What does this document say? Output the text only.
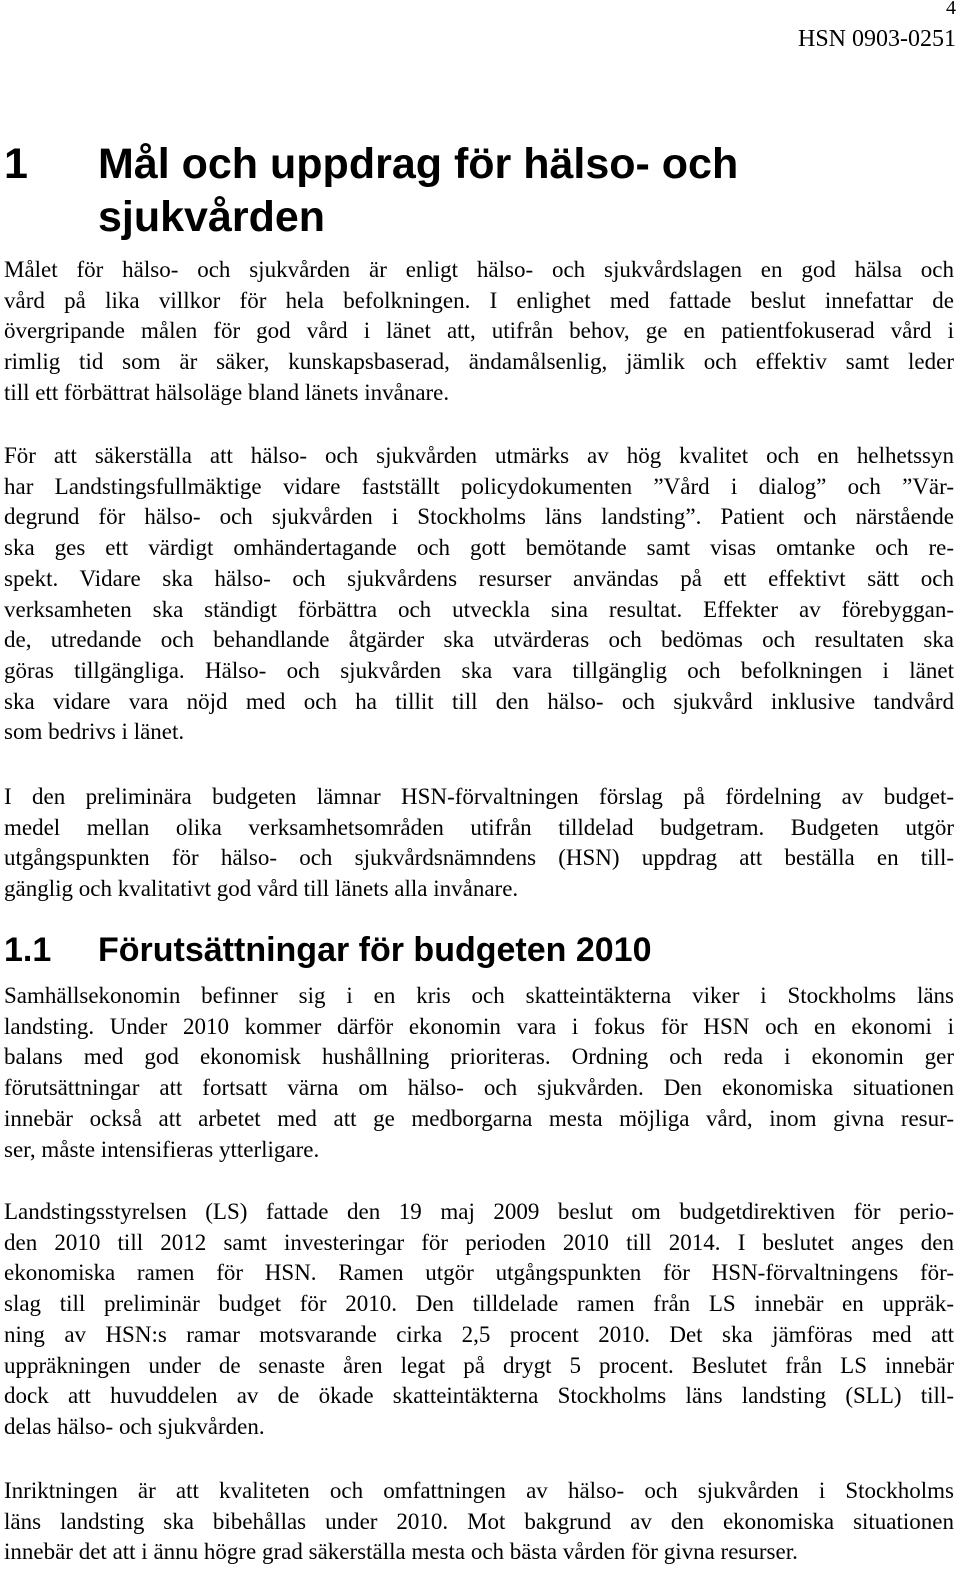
4
HSN 0903-0251
1 Mål och uppdrag för hälso- och sjukvården
Målet för hälso- och sjukvården är enligt hälso- och sjukvårdslagen en god hälsa och
vård på lika villkor för hela befolkningen. I enlighet med fattade beslut innefattar de
övergripande målen för god vård i länet att, utifrån behov, ge en patientfokuserad vård i
rimlig tid som är säker, kunskapsbaserad, ändamålsenlig, jämlik och effektiv samt leder
till ett förbättrat hälsoläge bland länets invånare.
För att säkerställa att hälso- och sjukvården utmärks av hög kvalitet och en helhetssyn
har Landstingsfullmäktige vidare fastställt policydokumenten ”Vård i dialog” och ”Vär-
degrund för hälso- och sjukvården i Stockholms läns landsting”. Patient och närstående
ska ges ett värdigt omhändertagande och gott bemötande samt visas omtanke och re-
spekt. Vidare ska hälso- och sjukvårdens resurser användas på ett effektivt sätt och
verksamheten ska ständigt förbättra och utveckla sina resultat. Effekter av förebyggan-
de, utredande och behandlande åtgärder ska utvärderas och bedömas och resultaten ska
göras tillgängliga. Hälso- och sjukvården ska vara tillgänglig och befolkningen i länet
ska vidare vara nöjd med och ha tillit till den hälso- och sjukvård inklusive tandvård
som bedrivs i länet.
I den preliminära budgeten lämnar HSN-förvaltningen förslag på fördelning av budget-
medel mellan olika verksamhetsområden utifrån tilldelad budgetram. Budgeten utgör
utgångspunkten för hälso- och sjukvårdsnämndens (HSN) uppdrag att beställa en till-
gänglig och kvalitativt god vård till länets alla invånare.
1.1 Förutsättningar för budgeten 2010
Samhällsekonomin befinner sig i en kris och skatteintäkterna viker i Stockholms läns
landsting. Under 2010 kommer därför ekonomin vara i fokus för HSN och en ekonomi i
balans med god ekonomisk hushållning prioriteras. Ordning och reda i ekonomin ger
förutsättningar att fortsatt värna om hälso- och sjukvården. Den ekonomiska situationen
innebär också att arbetet med att ge medborgarna mesta möjliga vård, inom givna resur-
ser, måste intensifieras ytterligare.
Landstingsstyrelsen (LS) fattade den 19 maj 2009 beslut om budgetdirektiven för perio-
den 2010 till 2012 samt investeringar för perioden 2010 till 2014. I beslutet anges den
ekonomiska ramen för HSN. Ramen utgör utgångspunkten för HSN-förvaltningens för-
slag till preliminär budget för 2010. Den tilldelade ramen från LS innebär en uppräk-
ning av HSN:s ramar motsvarande cirka 2,5 procent 2010. Det ska jämföras med att
uppräkningen under de senaste åren legat på drygt 5 procent. Beslutet från LS innebär
dock att huvuddelen av de ökade skatteintäkterna Stockholms läns landsting (SLL) till-
delas hälso- och sjukvården.
Inriktningen är att kvaliteten och omfattningen av hälso- och sjukvården i Stockholms
läns landsting ska bibehållas under 2010. Mot bakgrund av den ekonomiska situationen
innebär det att i ännu högre grad säkerställa mesta och bästa vården för givna resurser.
